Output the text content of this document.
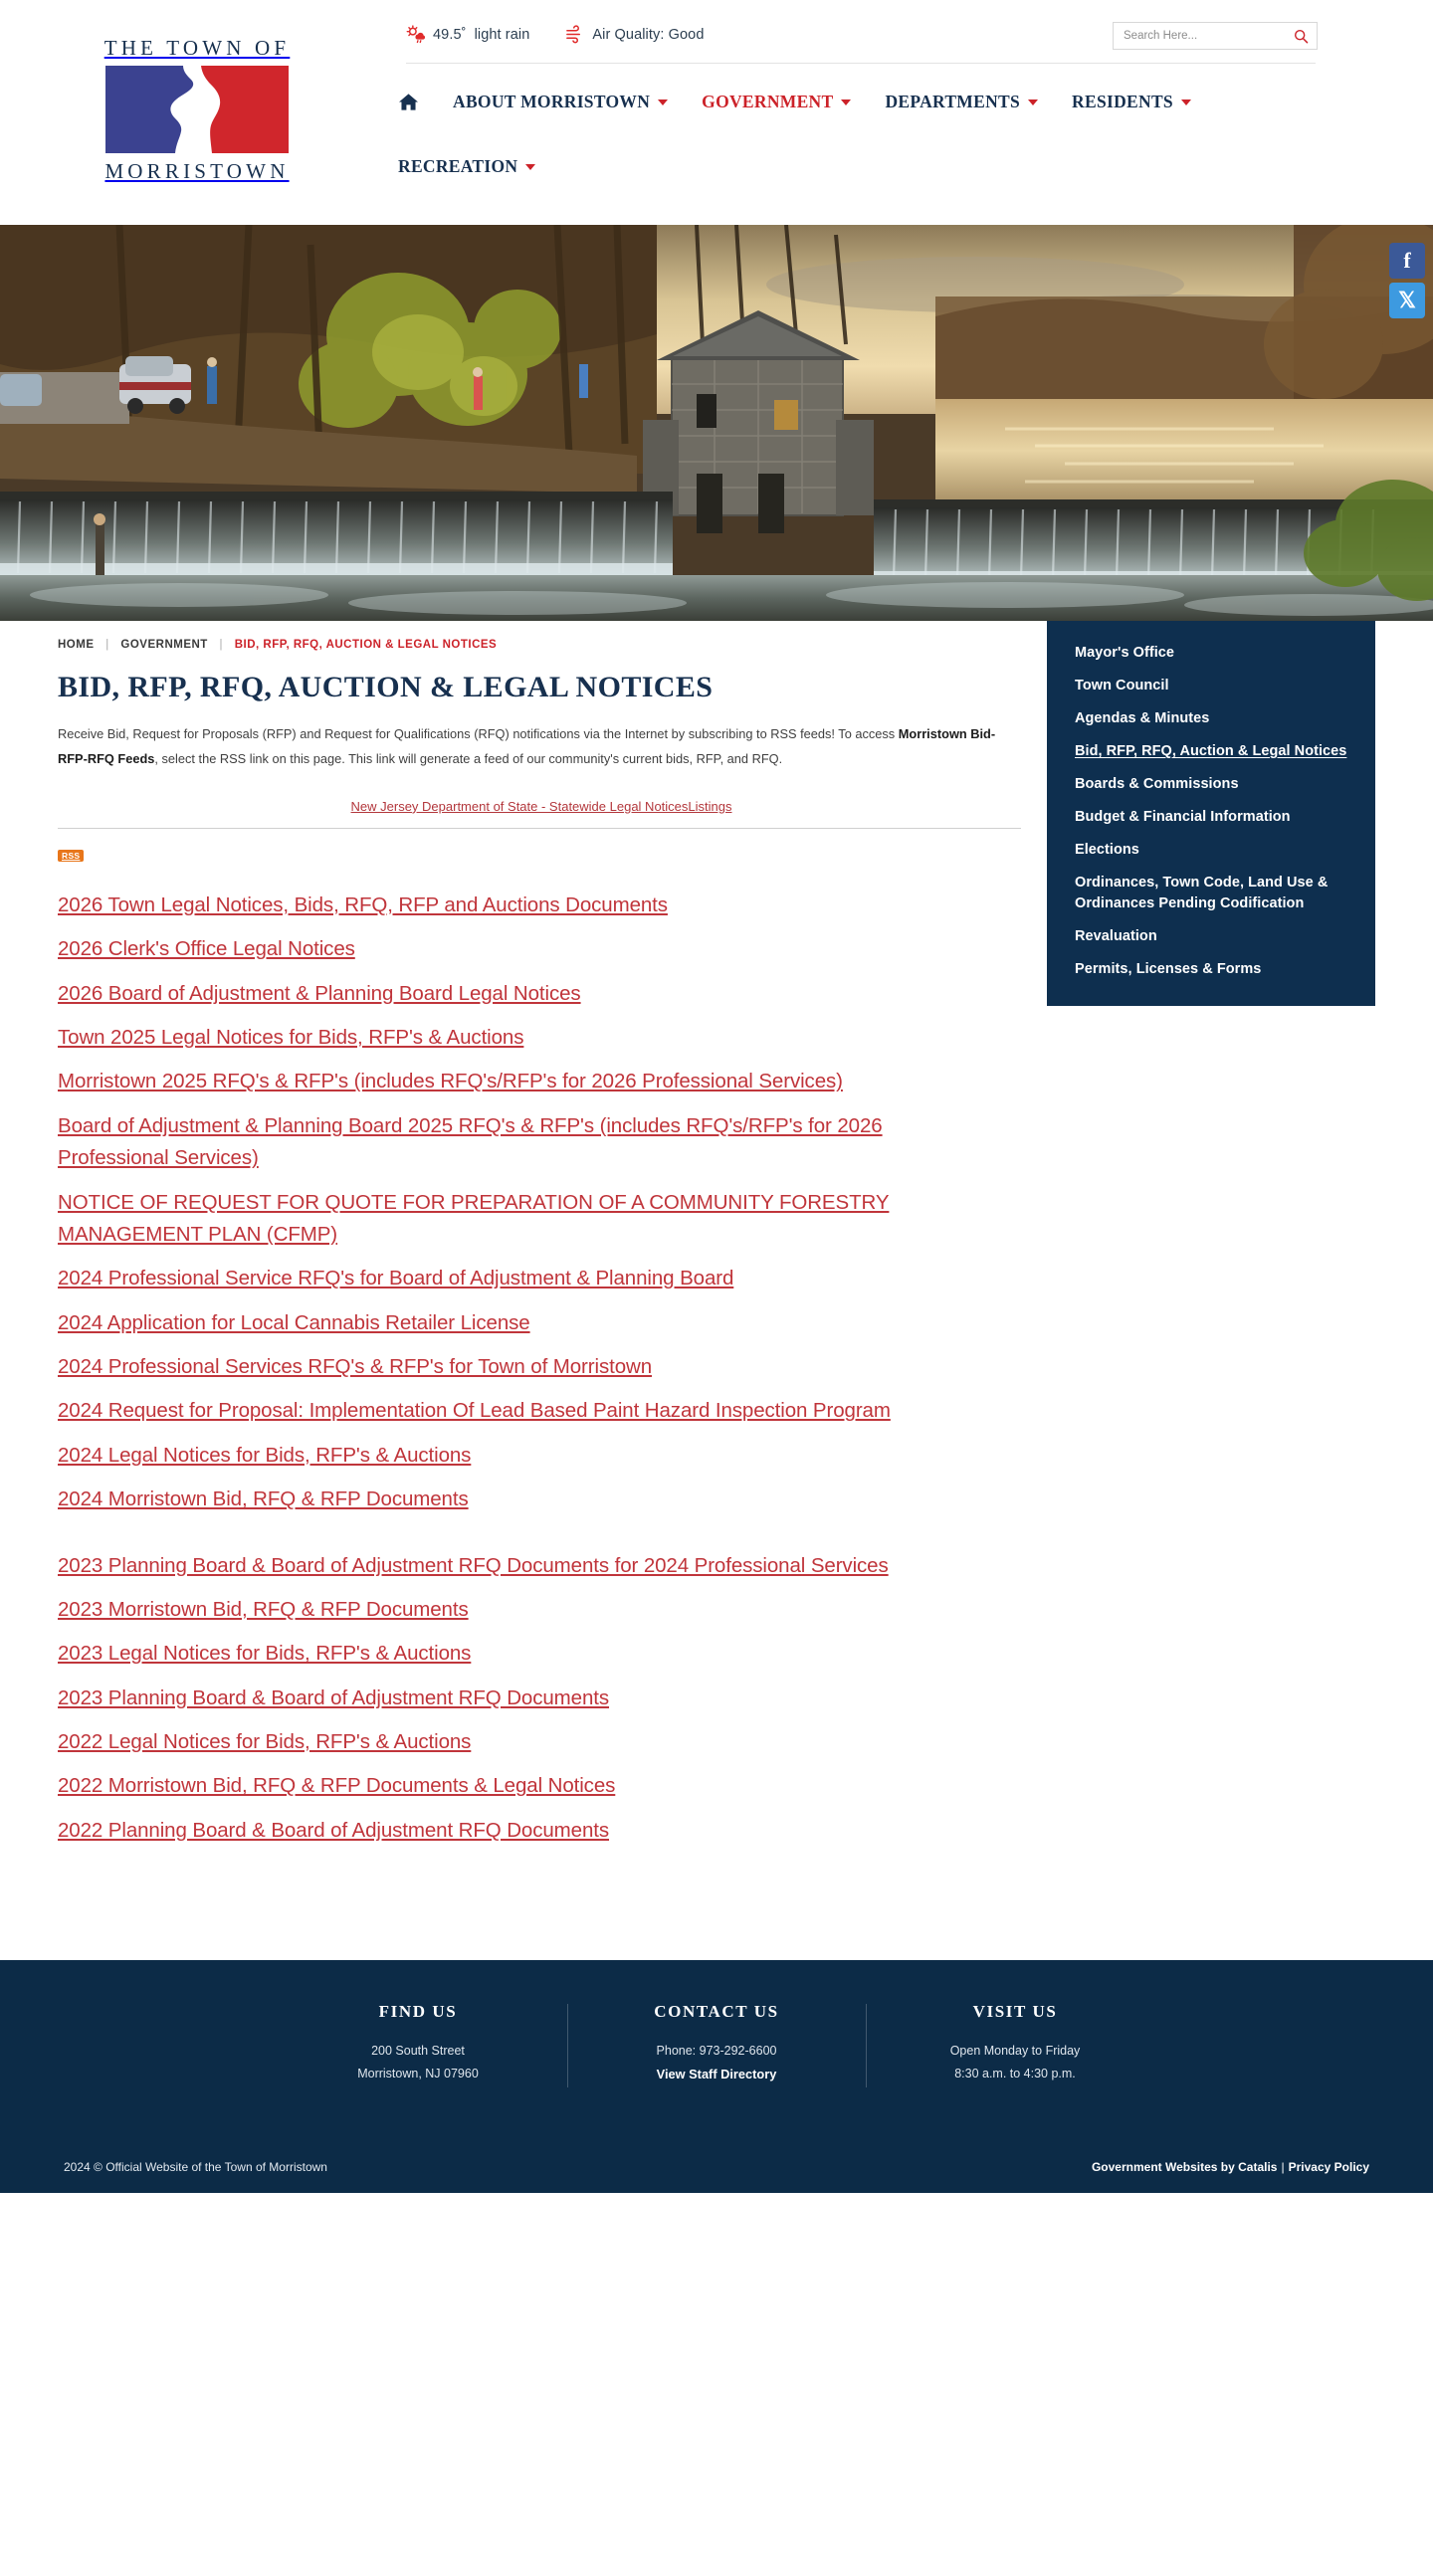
THE TOWN OF
MORRISTOWN
49.5˚ light rain	Air Quality: Good
Search Here...
ABOUT MORRISTOWN	GOVERNMENT	DEPARTMENTS	RESIDENTS
RECREATION
f
𝕏
HOME | GOVERNMENT | BID, RFP, RFQ, AUCTION & LEGAL NOTICES
BID, RFP, RFQ, AUCTION & LEGAL NOTICES

Receive Bid, Request for Proposals (RFP) and Request for Qualifications (RFQ) notifications via the Internet by subscribing to RSS feeds! To access Morristown Bid-RFP-RFQ Feeds, select the RSS link on this page. This link will generate a feed of our community's current bids, RFP, and RFQ.

New Jersey Department of State - Statewide Legal NoticesListings
RSS
2026 Town Legal Notices, Bids, RFQ, RFP and Auctions Documents
2026 Clerk's Office Legal Notices
2026 Board of Adjustment & Planning Board Legal Notices
Town 2025 Legal Notices for Bids, RFP's & Auctions
Morristown 2025 RFQ's & RFP's (includes RFQ's/RFP's for 2026 Professional Services)
Board of Adjustment & Planning Board 2025 RFQ's & RFP's (includes RFQ's/RFP's for 2026 Professional Services)
NOTICE OF REQUEST FOR QUOTE FOR PREPARATION OF A COMMUNITY FORESTRY MANAGEMENT PLAN (CFMP)
2024 Professional Service RFQ's for Board of Adjustment & Planning Board
2024 Application for Local Cannabis Retailer License
2024 Professional Services RFQ's & RFP's for Town of Morristown
2024 Request for Proposal: Implementation Of Lead Based Paint Hazard Inspection Program
2024 Legal Notices for Bids, RFP's & Auctions
2024 Morristown Bid, RFQ & RFP Documents
2023 Planning Board & Board of Adjustment RFQ Documents for 2024 Professional Services
2023 Morristown Bid, RFQ & RFP Documents
2023 Legal Notices for Bids, RFP's & Auctions
2023 Planning Board & Board of Adjustment RFQ Documents
2022 Legal Notices for Bids, RFP's & Auctions
2022 Morristown Bid, RFQ & RFP Documents & Legal Notices
2022 Planning Board & Board of Adjustment RFQ Documents
Mayor's Office
Town Council
Agendas & Minutes
Bid, RFP, RFQ, Auction & Legal Notices
Boards & Commissions
Budget & Financial Information
Elections
Ordinances, Town Code, Land Use & Ordinances Pending Codification
Revaluation
Permits, Licenses & Forms
FIND US

200 South Street

Morristown, NJ 07960

CONTACT US

Phone: 973-292-6600

View Staff Directory

VISIT US

Open Monday to Friday

8:30 a.m. to 4:30 p.m.

2024 © Official Website of the Town of Morristown	Government Websites by Catalis | Privacy Policy
